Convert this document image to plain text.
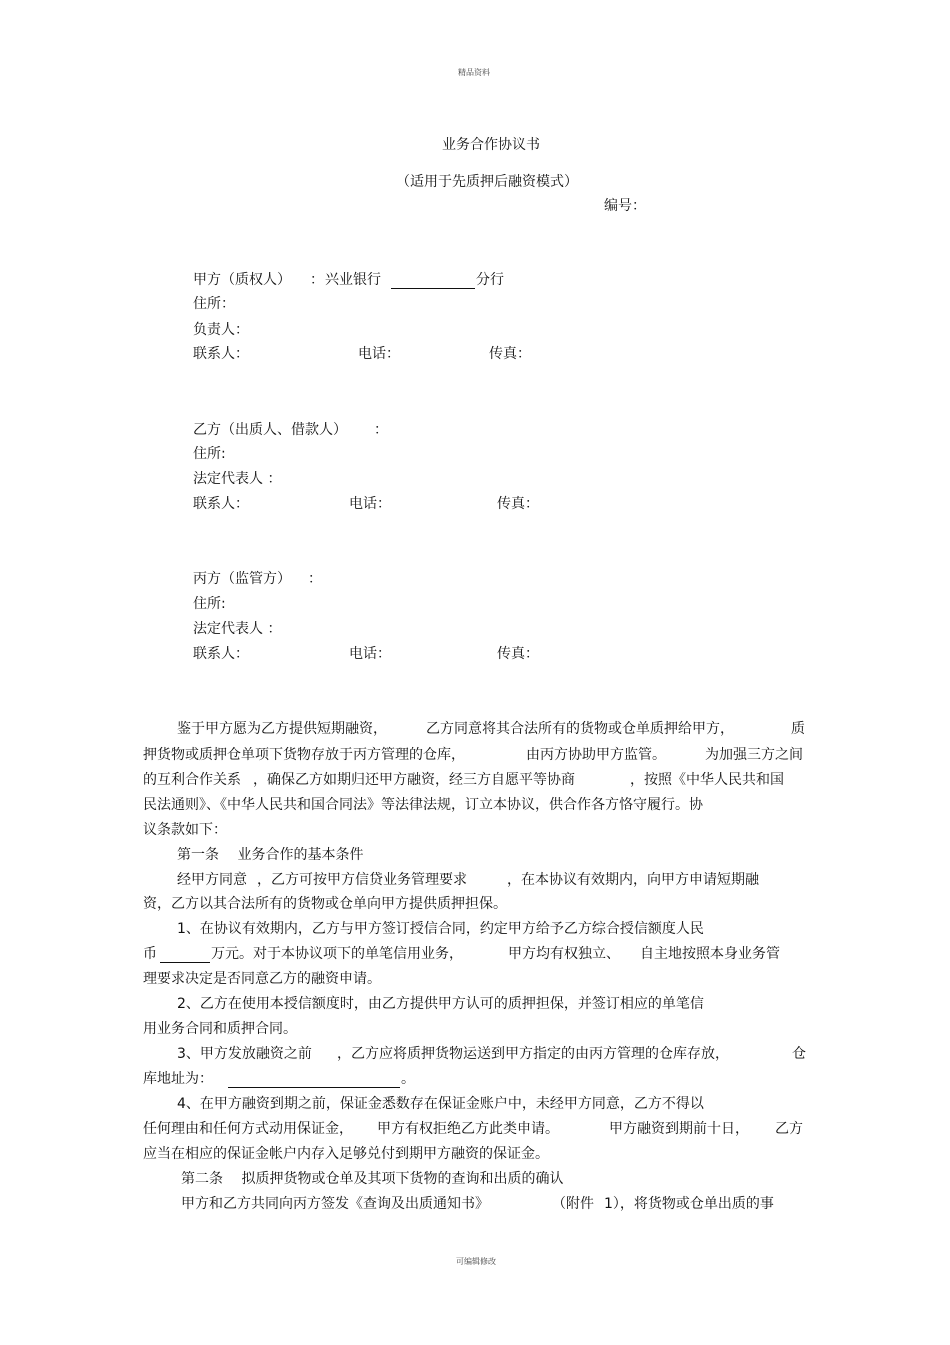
精品资料
可编辑修改
业务合作协议书
（适用于先质押后融资模式）
编号：
甲方（质权人） ： 兴业银行	分行
住所：
负责人：
联系人：	电话：	传真：
乙方（出质人、借款人） ：
住所:
法定代表人 ：
联系人：	电话：	传真：
丙方（监管方） ：
住所:
法定代表人 ：
联系人：	电话：	传真：
鉴于甲方愿为乙方提供短期融资，	乙方同意将其合法所有的货物或仓单质押给甲方，	质
押货物或质押仓单项下货物存放于丙方管理的仓库，	由丙方协助甲方监管。	为加强三方之间
的互利合作关系 ，确保乙方如期归还甲方融资，经三方自愿平等协商	，按照《中华人民共和国
民法通则》、《中华人民共和国合同法》等法律法规，订立本协议，供合作各方恪守履行。协
议条款如下：
第一条　 业务合作的基本条件
经甲方同意 ，乙方可按甲方信贷业务管理要求	，在本协议有效期内，向甲方申请短期融
资，乙方以其合法所有的货物或仓单向甲方提供质押担保。
1、在协议有效期内，乙方与甲方签订授信合同，约定甲方给予乙方综合授信额度人民
币	万元。对于本协议项下的单笔信用业务，	甲方均有权独立、 自主地按照本身业务管
理要求决定是否同意乙方的融资申请。
2、乙方在使用本授信额度时，由乙方提供甲方认可的质押担保，并签订相应的单笔信
用业务合同和质押合同。
3、甲方发放融资之前 ，乙方应将质押货物运送到甲方指定的由丙方管理的仓库存放，	仓
库地址为：	。
4、在甲方融资到期之前，保证金悉数存在保证金账户中，未经甲方同意，乙方不得以
任何理由和任何方式动用保证金， 甲方有权拒绝乙方此类申请。	甲方融资到期前十日， 乙方
应当在相应的保证金帐户内存入足够兑付到期甲方融资的保证金。
第二条　 拟质押货物或仓单及其项下货物的查询和出质的确认
甲方和乙方共同向丙方签发《查询及出质通知书》	（附件 1），将货物或仓单出质的事
